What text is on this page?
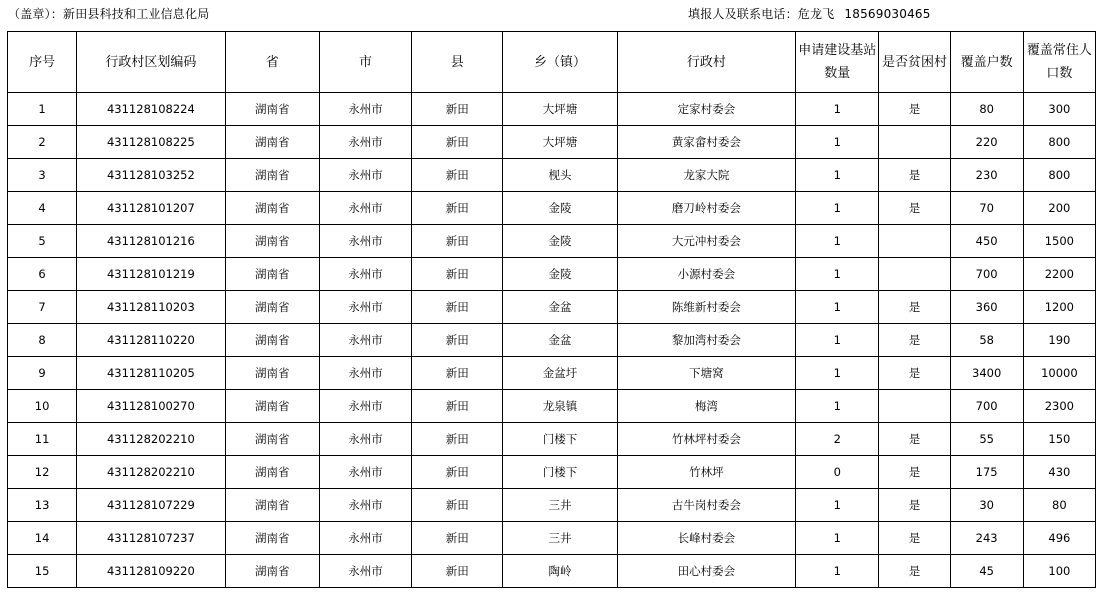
（盖章）：新田县科技和工业信息化局	填报人及联系电话：危龙飞 18569030465
序号	行政村区划编码	省	市	县	乡（镇）	行政村	申请建设基站数量	是否贫困村	覆盖户数	覆盖常住人口数
1	431128108224	湖南省	永州市	新田	大坪塘	定家村委会	1	是	80	300
2	431128108225	湖南省	永州市	新田	大坪塘	黄家畲村委会	1		220	800
3	431128103252	湖南省	永州市	新田	枧头	龙家大院	1	是	230	800
4	431128101207	湖南省	永州市	新田	金陵	磨刀岭村委会	1	是	70	200
5	431128101216	湖南省	永州市	新田	金陵	大元冲村委会	1		450	1500
6	431128101219	湖南省	永州市	新田	金陵	小源村委会	1		700	2200
7	431128110203	湖南省	永州市	新田	金盆	陈维新村委会	1	是	360	1200
8	431128110220	湖南省	永州市	新田	金盆	黎加湾村委会	1	是	58	190
9	431128110205	湖南省	永州市	新田	金盆圩	下塘窝	1	是	3400	10000
10	431128100270	湖南省	永州市	新田	龙泉镇	梅湾	1		700	2300
11	431128202210	湖南省	永州市	新田	门楼下	竹林坪村委会	2	是	55	150
12	431128202210	湖南省	永州市	新田	门楼下	竹林坪	0	是	175	430
13	431128107229	湖南省	永州市	新田	三井	古牛岗村委会	1	是	30	80
14	431128107237	湖南省	永州市	新田	三井	长峰村委会	1	是	243	496
15	431128109220	湖南省	永州市	新田	陶岭	田心村委会	1	是	45	100
